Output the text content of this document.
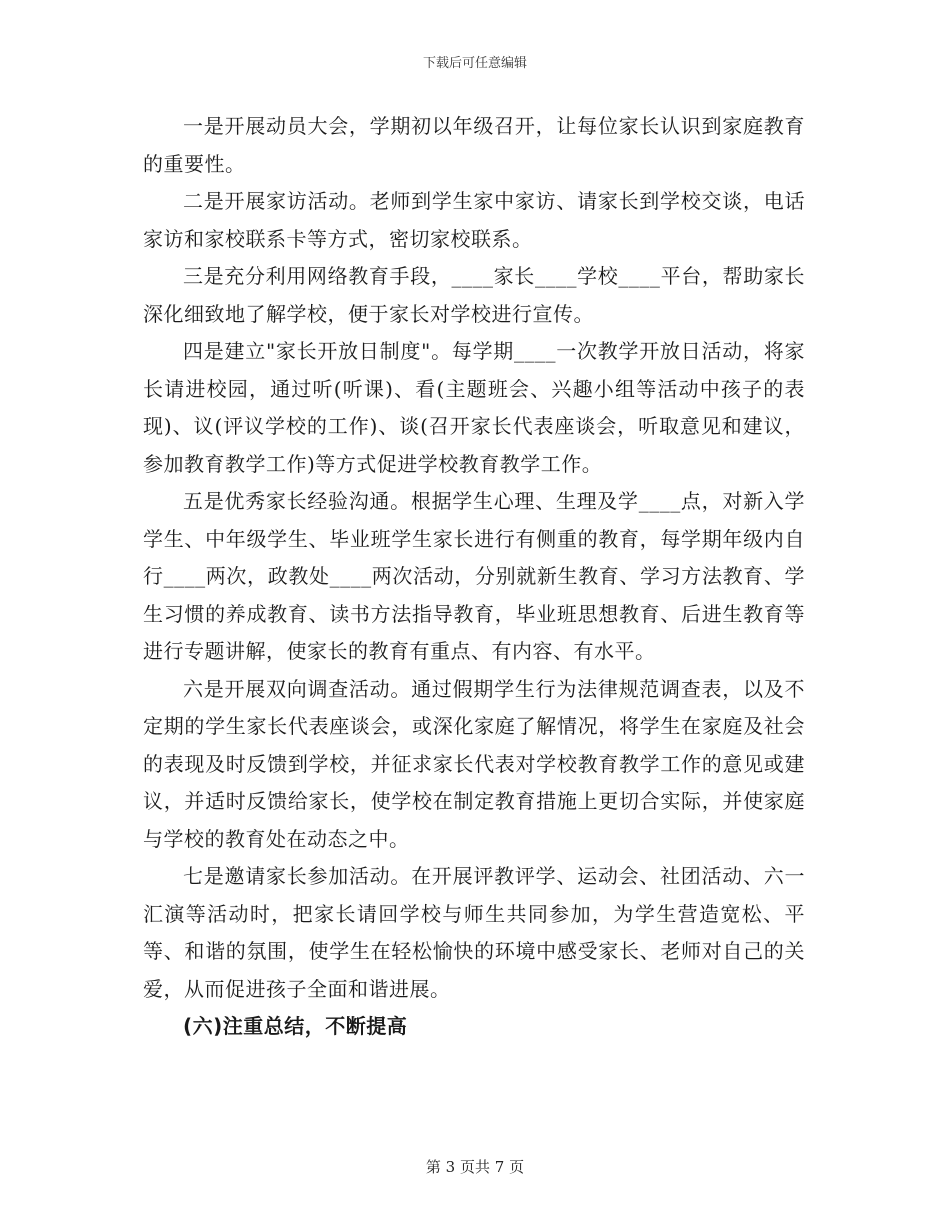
下载后可任意编辑

一是开展动员大会，学期初以年级召开，让每位家长认识到家庭教育的重要性。

二是开展家访活动。老师到学生家中家访、请家长到学校交谈，电话家访和家校联系卡等方式，密切家校联系。

三是充分利用网络教育手段，____家长____学校____平台，帮助家长深化细致地了解学校，便于家长对学校进行宣传。

四是建立"家长开放日制度"。每学期____一次教学开放日活动，将家长请进校园，通过听(听课)、看(主题班会、兴趣小组等活动中孩子的表现)、议(评议学校的工作)、谈(召开家长代表座谈会，听取意见和建议，参加教育教学工作)等方式促进学校教育教学工作。

五是优秀家长经验沟通。根据学生心理、生理及学____点，对新入学学生、中年级学生、毕业班学生家长进行有侧重的教育，每学期年级内自行____两次，政教处____两次活动，分别就新生教育、学习方法教育、学生习惯的养成教育、读书方法指导教育，毕业班思想教育、后进生教育等进行专题讲解，使家长的教育有重点、有内容、有水平。

六是开展双向调查活动。通过假期学生行为法律规范调查表，以及不定期的学生家长代表座谈会，或深化家庭了解情况，将学生在家庭及社会的表现及时反馈到学校，并征求家长代表对学校教育教学工作的意见或建议，并适时反馈给家长，使学校在制定教育措施上更切合实际，并使家庭与学校的教育处在动态之中。

七是邀请家长参加活动。在开展评教评学、运动会、社团活动、六一汇演等活动时，把家长请回学校与师生共同参加，为学生营造宽松、平等、和谐的氛围，使学生在轻松愉快的环境中感受家长、老师对自己的关爱，从而促进孩子全面和谐进展。

(六)注重总结，不断提高

第 3 页共 7 页
